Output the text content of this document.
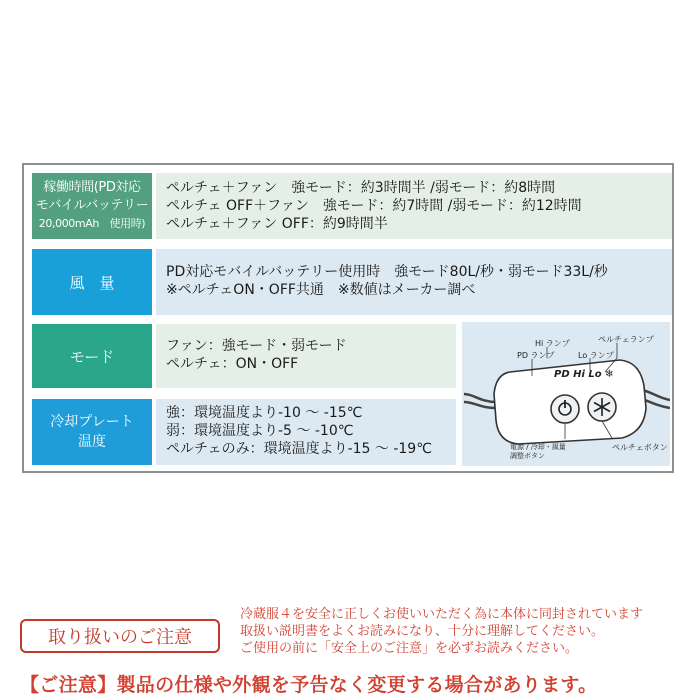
稼働時間(PD対応
モバイルバッテリー
20,000mAh　使用時)
ペルチェ＋ファン　強モード：約3時間半 /弱モード：約8時間
ペルチェ OFF＋ファン　強モード：約7時間 /弱モード：約12時間
ペルチェ＋ファン OFF：約9時間半
風　量
PD対応モバイルバッテリー使用時　強モード80L/秒・弱モード33L/秒
※ペルチェON・OFF共通　※数値はメーカー調べ
モード
ファン：強モード・弱モード
ペルチェ：ON・OFF
冷却プレート
温度
強：環境温度より-10 ～ -15℃
弱：環境温度より-5 ～ -10℃
ペルチェのみ：環境温度より-15 ～ -19℃
Hi ランプ	ペルチェランプ
PD ランプ	Lo ランプ
PD Hi Lo ❄
電源 / 冷却・風量
調整ボタン
ペルチェボタン
取り扱いのご注意
冷蔵服４を安全に正しくお使いいただく為に本体に同封されています
取扱い説明書をよくお読みになり、十分に理解してください。
ご使用の前に「安全上のご注意」を必ずお読みください。
【ご注意】製品の仕様や外観を予告なく変更する場合があります。
